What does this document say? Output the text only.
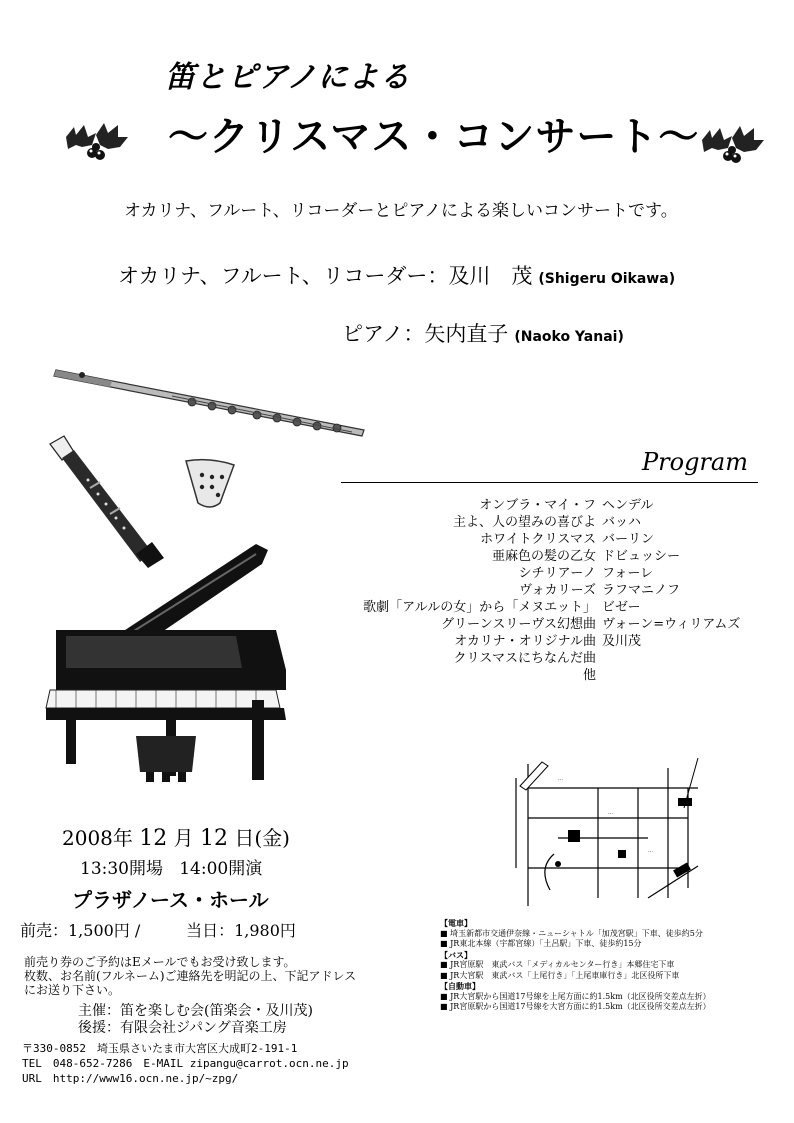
笛とピアノによる
～クリスマス・コンサート～
オカリナ、フルート、リコーダーとピアノによる楽しいコンサートです。
オカリナ、フルート、リコーダー：及川　茂 (Shigeru Oikawa)
ピアノ：矢内直子 (Naoko Yanai)
Program
オンブラ・マイ・フ ヘンデル
主よ、人の望みの喜びよ バッハ
ホワイトクリスマス バーリン
亜麻色の髪の乙女 ドビュッシー
シチリアーノ フォーレ
ヴォカリーズ ラフマニノフ
歌劇「アルルの女」から「メヌエット」 ビゼー
グリーンスリーヴス幻想曲 ヴォーン=ウィリアムズ
オカリナ・オリジナル曲 及川茂
クリスマスにちなんだ曲
他
…
…
…
2008年 12 月 12 日(金)
13:30開場 14:00開演
プラザノース・ホール
前売：1,500円 /	当日：1,980円
前売り券のご予約はEメールでもお受け致します。
枚数、お名前(フルネーム)ご連絡先を明記の上、下記アドレス
にお送り下さい。
主催：笛を楽しむ会(笛楽会・及川茂)
後援：有限会社ジパング音楽工房
〒330-0852　埼玉県さいたま市大宮区大成町2-191-1
TEL　048-652-7286　E-MAIL zipangu@carrot.ocn.ne.jp
URL　http://www16.ocn.ne.jp/~zpg/
【電車】
■ 埼玉新都市交通伊奈線・ニューシャトル「加茂宮駅」下車、徒歩約5分
■ JR東北本線（宇都宮線）「土呂駅」下車、徒歩約15分
【バス】
■ JR宮原駅　東武バス「メディカルセンター行き」本郷住宅下車
■ JR大宮駅　東武バス「上尾行き」「上尾車庫行き」北区役所下車
【自動車】
■ JR大宮駅から国道17号線を上尾方面に約1.5km（北区役所交差点左折）
■ JR宮原駅から国道17号線を大宮方面に約1.5km（北区役所交差点左折）
